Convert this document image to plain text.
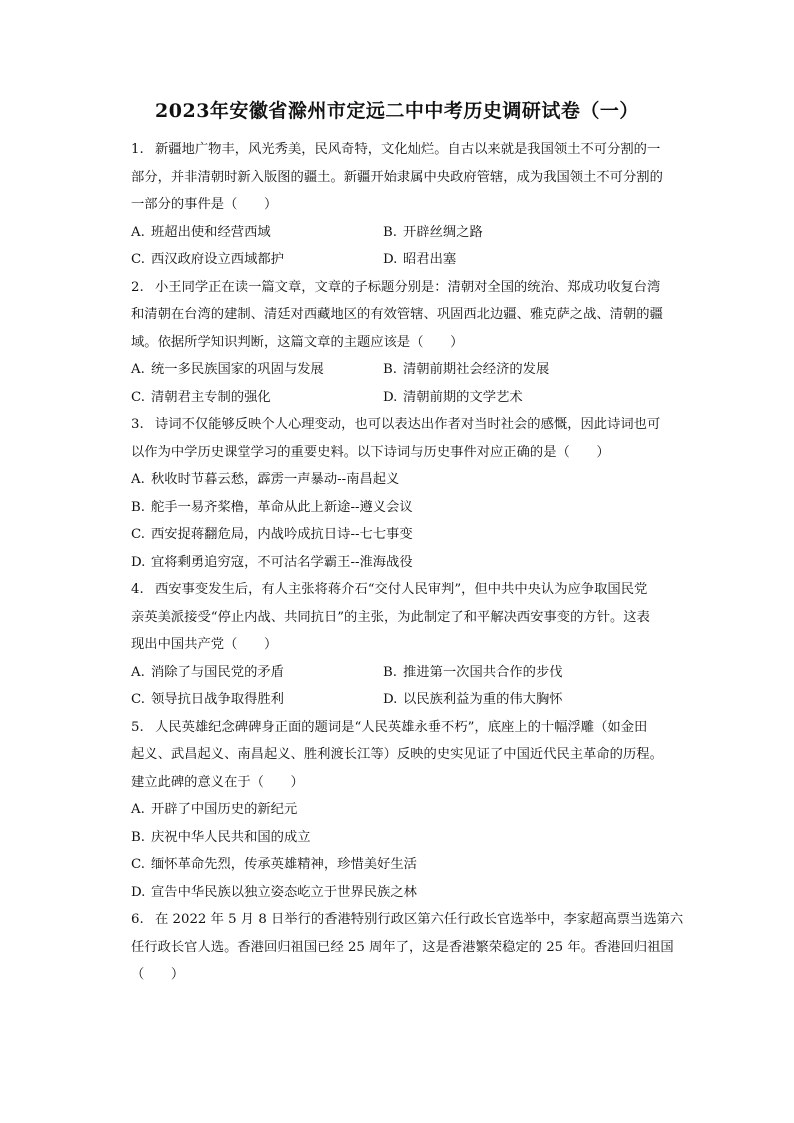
2023年安徽省滁州市定远二中中考历史调研试卷（一）
1. 新疆地广物丰，风光秀美，民风奇特，文化灿烂。自古以来就是我国领土不可分割的一
部分，并非清朝时新入版图的疆土。新疆开始隶属中央政府管辖，成为我国领土不可分割的
一部分的事件是（　　）
A. 班超出使和经营西域	B. 开辟丝绸之路
C. 西汉政府设立西域都护	D. 昭君出塞
2. 小王同学正在读一篇文章，文章的子标题分别是：清朝对全国的统治、郑成功收复台湾
和清朝在台湾的建制、清廷对西藏地区的有效管辖、巩固西北边疆、雅克萨之战、清朝的疆
域。依据所学知识判断，这篇文章的主题应该是（　　）
A. 统一多民族国家的巩固与发展	B. 清朝前期社会经济的发展
C. 清朝君主专制的强化	D. 清朝前期的文学艺术
3. 诗词不仅能够反映个人心理变动，也可以表达出作者对当时社会的感慨，因此诗词也可
以作为中学历史课堂学习的重要史料。以下诗词与历史事件对应正确的是（　　）
A. 秋收时节暮云愁，霹雳一声暴动--南昌起义
B. 舵手一易齐桨橹，革命从此上新途--遵义会议
C. 西安捉蒋翻危局，内战吟成抗日诗--七七事变
D. 宜将剩勇追穷寇，不可沽名学霸王--淮海战役
4. 西安事变发生后，有人主张将蒋介石“交付人民审判”，但中共中央认为应争取国民党
亲英美派接受“停止内战、共同抗日”的主张，为此制定了和平解决西安事变的方针。这表
现出中国共产党（　　）
A. 消除了与国民党的矛盾	B. 推进第一次国共合作的步伐
C. 领导抗日战争取得胜利	D. 以民族利益为重的伟大胸怀
5. 人民英雄纪念碑碑身正面的题词是“人民英雄永垂不朽”，底座上的十幅浮雕（如金田
起义、武昌起义、南昌起义、胜利渡长江等）反映的史实见证了中国近代民主革命的历程。
建立此碑的意义在于（　　）
A. 开辟了中国历史的新纪元
B. 庆祝中华人民共和国的成立
C. 缅怀革命先烈，传承英雄精神，珍惜美好生活
D. 宣告中华民族以独立姿态屹立于世界民族之林
6. 在 2022 年 5 月 8 日举行的香港特别行政区第六任行政长官选举中，李家超高票当选第六
任行政长官人选。香港回归祖国已经 25 周年了，这是香港繁荣稳定的 25 年。香港回归祖国
（　　）
